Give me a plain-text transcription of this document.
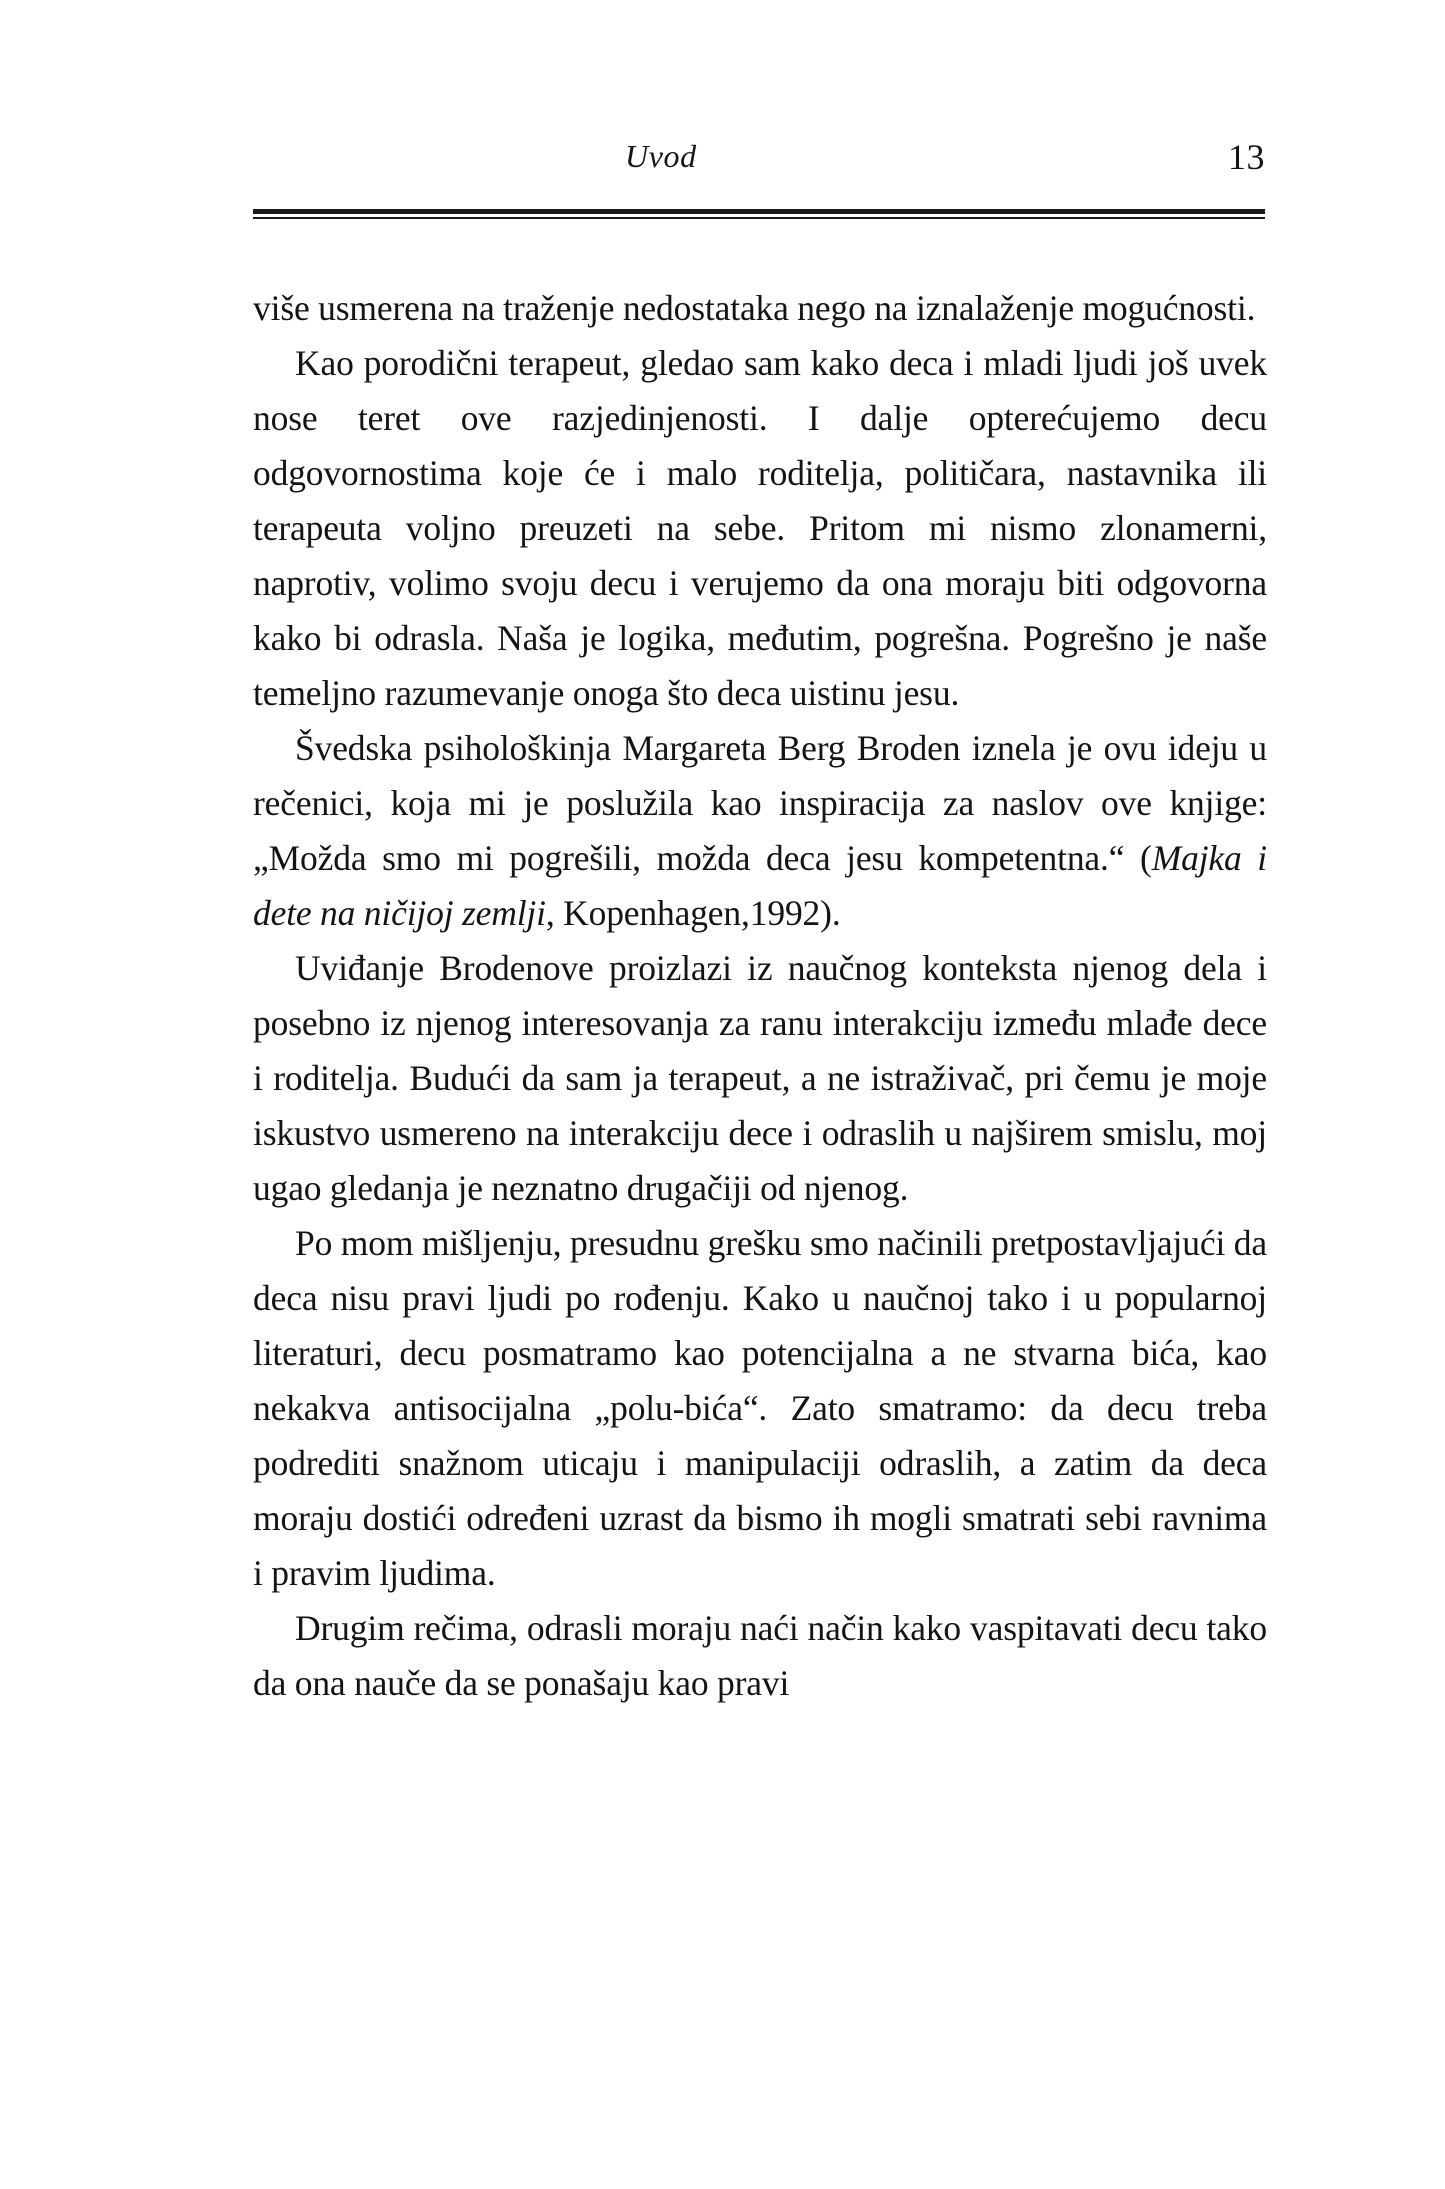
Uvod	13

više usmerena na traženje nedostataka nego na iznalaženje mogućnosti.

Kao porodični terapeut, gledao sam kako deca i mladi ljudi još uvek nose teret ove razjedinjenosti. I dalje opterećujemo decu odgovornostima koje će i malo roditelja, političara, nastavnika ili terapeuta voljno preuzeti na sebe. Pritom mi nismo zlonamerni, naprotiv, volimo svoju decu i verujemo da ona moraju biti odgovorna kako bi odrasla. Naša je logika, međutim, pogrešna. Pogrešno je naše temeljno razumevanje onoga što deca uistinu jesu.

Švedska psihološkinja Margareta Berg Broden iznela je ovu ideju u rečenici, koja mi je poslužila kao inspiracija za naslov ove knjige: „Možda smo mi pogrešili, možda deca jesu kompetentna.“ (Majka i dete na ničijoj zemlji, Kopenhagen,1992).

Uviđanje Brodenove proizlazi iz naučnog konteksta njenog dela i posebno iz njenog interesovanja za ranu interakciju između mlađe dece i roditelja. Budući da sam ja terapeut, a ne istraživač, pri čemu je moje iskustvo usmereno na interakciju dece i odraslih u najširem smislu, moj ugao gledanja je neznatno drugačiji od njenog.

Po mom mišljenju, presudnu grešku smo načinili pretpostavljajući da deca nisu pravi ljudi po rođenju. Kako u naučnoj tako i u popularnoj literaturi, decu posmatramo kao potencijalna a ne stvarna bića, kao nekakva antisocijalna „polu-bića“. Zato smatramo: da decu treba podrediti snažnom uticaju i manipulaciji odraslih, a zatim da deca moraju dostići određeni uzrast da bismo ih mogli smatrati sebi ravnima i pravim ljudima.

Drugim rečima, odrasli moraju naći način kako vaspitavati decu tako da ona nauče da se ponašaju kao pravi
